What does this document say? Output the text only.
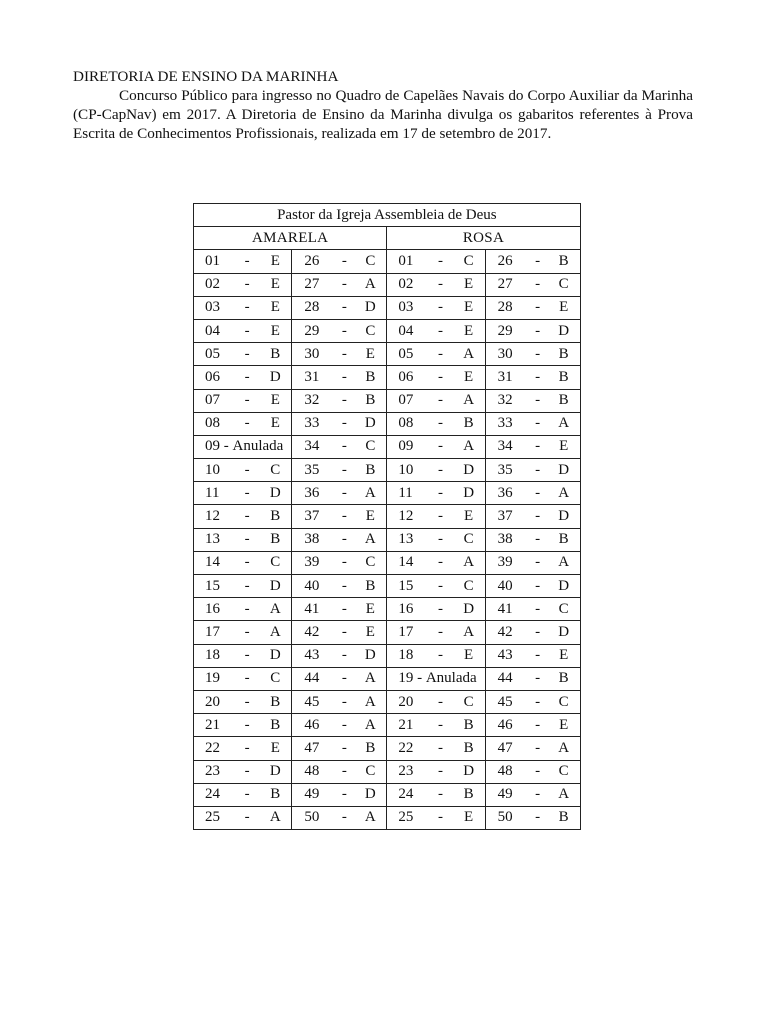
DIRETORIA DE ENSINO DA MARINHA

Concurso Público para ingresso no Quadro de Capelães Navais do Corpo Auxiliar da Marinha (CP-CapNav) em 2017. A Diretoria de Ensino da Marinha divulga os gabaritos referentes à Prova Escrita de Conhecimentos Profissionais, realizada em 17 de setembro de 2017.

Pastor da Igreja Assembleia de Deus			
AMARELA		ROSA	

01 - E	26 - C	01 - C	26 - B

02 - E	27 - A	02 - E	27 - C

03 - E	28 - D	03 - E	28 - E

04 - E	29 - C	04 - E	29 - D

05 - B	30 - E	05 - A	30 - B

06 - D	31 - B	06 - E	31 - B

07 - E	32 - B	07 - A	32 - B

08 - E	33 - D	08 - B	33 - A

09 - Anulada	34 - C	09 - A	34 - E

10 - C	35 - B	10 - D	35 - D

11 - D	36 - A	11 - D	36 - A

12 - B	37 - E	12 - E	37 - D

13 - B	38 - A	13 - C	38 - B

14 - C	39 - C	14 - A	39 - A

15 - D	40 - B	15 - C	40 - D

16 - A	41 - E	16 - D	41 - C

17 - A	42 - E	17 - A	42 - D

18 - D	43 - D	18 - E	43 - E

19 - C	44 - A	19 - Anulada	44 - B

20 - B	45 - A	20 - C	45 - C

21 - B	46 - A	21 - B	46 - E

22 - E	47 - B	22 - B	47 - A

23 - D	48 - C	23 - D	48 - C

24 - B	49 - D	24 - B	49 - A

25 - A	50 - A	25 - E	50 - B
